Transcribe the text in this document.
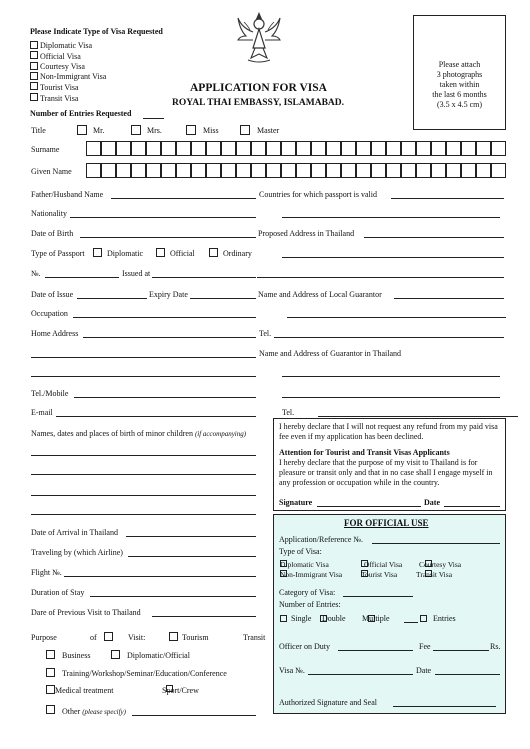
Please Indicate Type of Visa Requested
Diplomatic Visa
Official Visa
Courtesy Visa
Non-Immigrant Visa
Tourist Visa
Transit Visa
Number of Entries Requested
APPLICATION FOR VISA
ROYAL THAI EMBASSY, ISLAMABAD.
Please attach
3 photographs
taken within
the last 6 months
(3.5 x 4.5 cm)
Title	Mr.	Mrs.	Miss	Master
Surname
Given Name
Father/Husband Name	Countries for which passport is valid
Nationality
Date of Birth	Proposed Address in Thailand
Type of Passport	Diplomatic	Official	Ordinary
№.	Issued at
Date of Issue	Expiry Date	Name and Address of Local Guarantor
Occupation
Home Address	Tel.
Name and Address of Guarantor in Thailand
Tel./Mobile
E-mail	Tel.
Names, dates and places of birth of minor children (if accompanying)
I hereby declare that I will not request any refund from my paid visa fee even if my application has been declined.
Attention for Tourist and Transit Visas Applicants
I hereby declare that the purpose of my visit to Thailand is for pleasure or transit only and that in no case shall I engage myself in any profession or occupation while in the country.
Signature	Date
Date of Arrival in Thailand
Traveling by (which Airline)
Flight №.
Duration of Stay
Dare of Previous Visit to Thailand
Purpose	of	Visit:	Tourism	Transit
Business	Diplomatic/Official
Training/Workshop/Seminar/Education/Conference
Medical treatment	Sport/Crew
Other (please specify)
FOR OFFICIAL USE
Application/Reference №.
Type of Visa:
Diplomatic Visa	Official Visa Courtesy Visa
Non-Immigrant Visa	Tourist Visa	Transit Visa
Category of Visa:
Number of Entries:
Single Double Multiple	Entries
Officer on Duty	Fee	Rs.
Visa №.	Date
Authorized Signature and Seal
